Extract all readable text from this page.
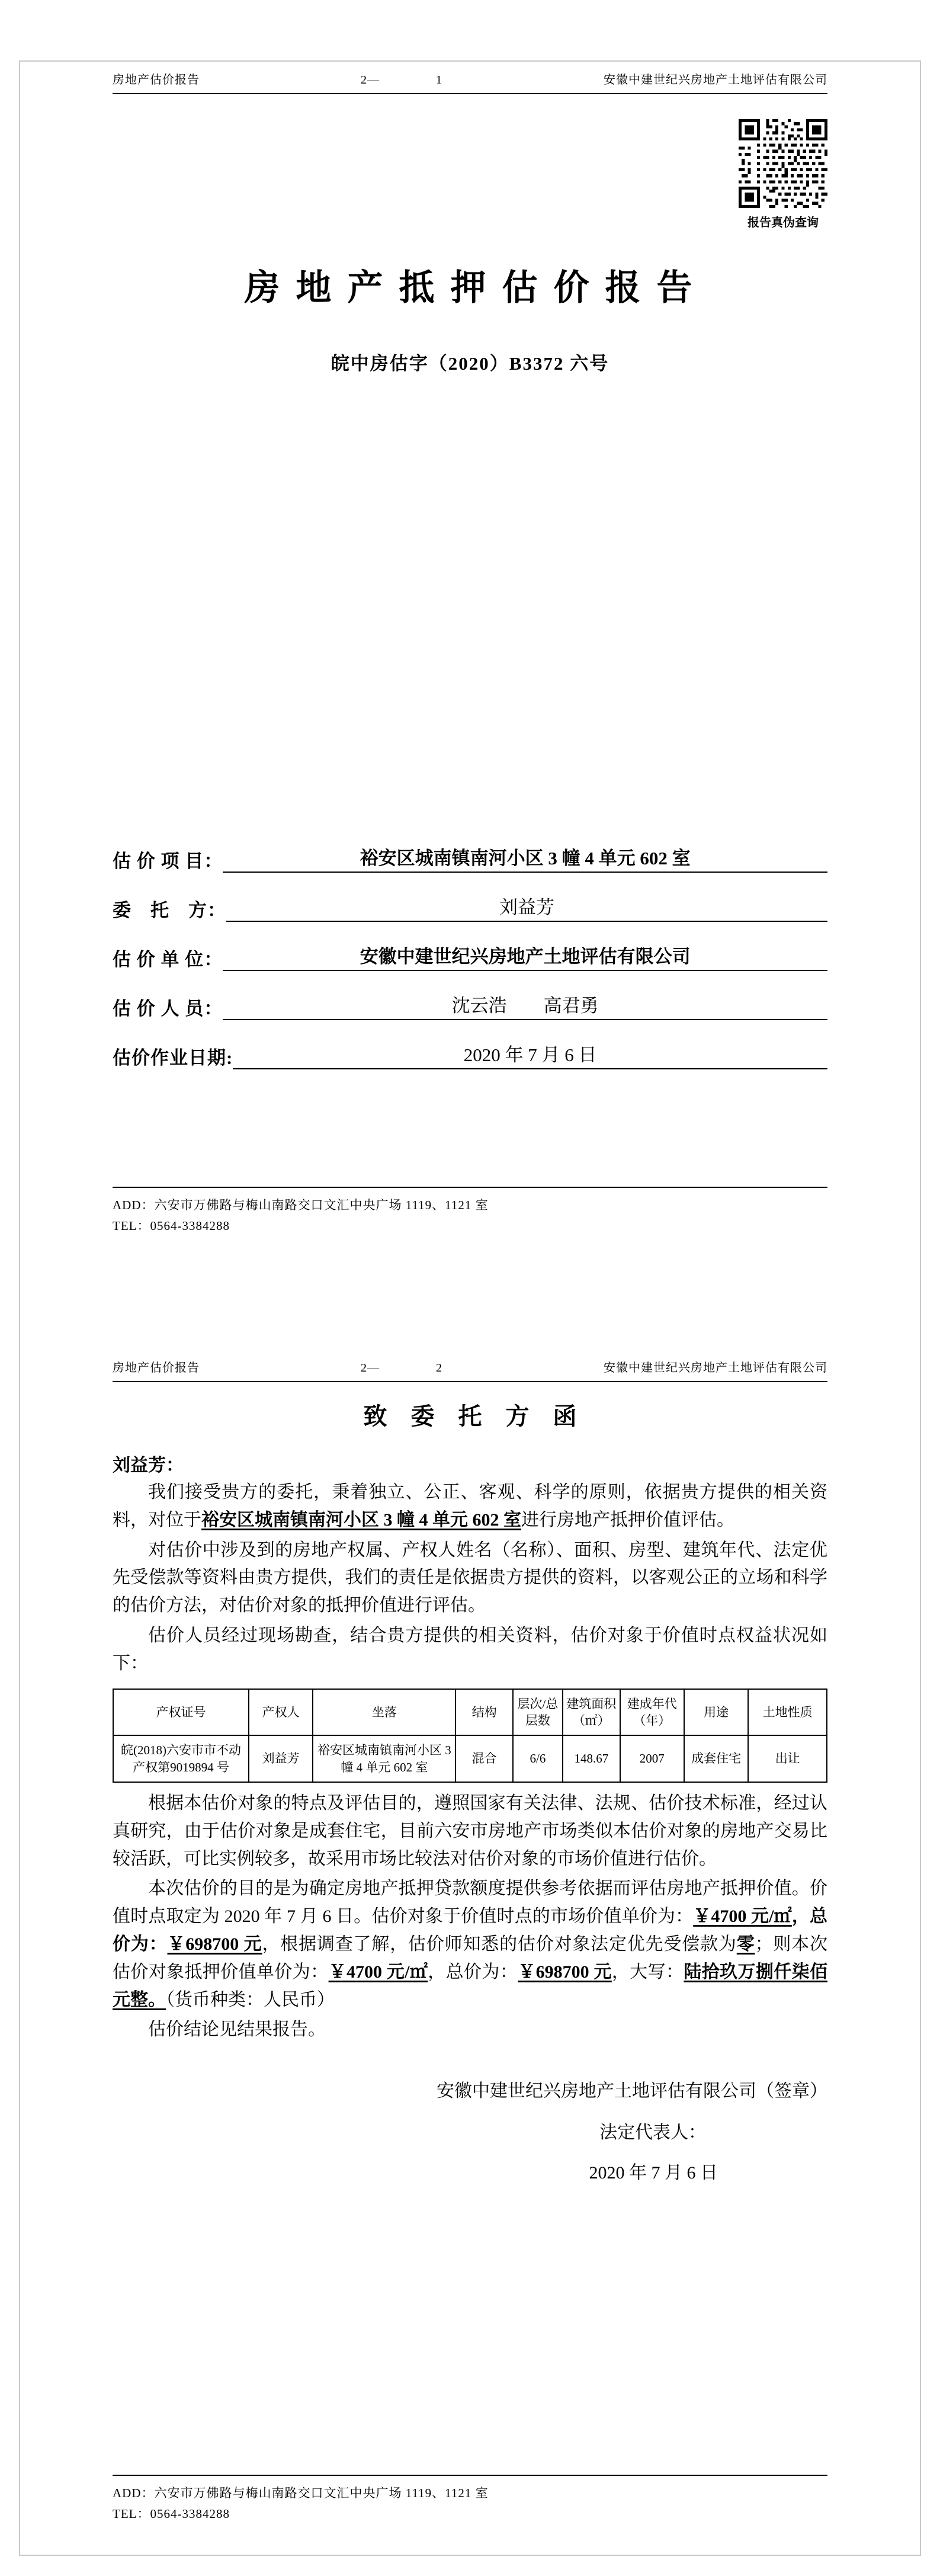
房地产估价报告	2—	1	安徽中建世纪兴房地产土地评估有限公司
报告真伪查询
房 地 产 抵 押 估 价 报 告
皖中房估字（2020）B3372 六号
估 价 项 目：	裕安区城南镇南河小区 3 幢 4 单元 602 室
委　托　方：	刘益芳
估 价 单 位：	安徽中建世纪兴房地产土地评估有限公司
估 价 人 员：	沈云浩　　高君勇
估价作业日期:	2020 年 7 月 6 日
ADD：六安市万佛路与梅山南路交口文汇中央广场 1119、1121 室
TEL：0564-3384288
房地产估价报告	2—	2	安徽中建世纪兴房地产土地评估有限公司
致　委　托　方　函
刘益芳：

我们接受贵方的委托，秉着独立、公正、客观、科学的原则，依据贵方提供的相关资料，对位于裕安区城南镇南河小区 3 幢 4 单元 602 室进行房地产抵押价值评估。

对估价中涉及到的房地产权属、产权人姓名（名称）、面积、房型、建筑年代、法定优先受偿款等资料由贵方提供，我们的责任是依据贵方提供的资料，以客观公正的立场和科学的估价方法，对估价对象的抵押价值进行评估。

估价人员经过现场勘查，结合贵方提供的相关资料，估价对象于价值时点权益状况如下：

产权证号	产权人	坐落	结构	层次/总层数	建筑面积（㎡）	建成年代（年）	用途	土地性质
皖(2018)六安市市不动产权第9019894 号	刘益芳	裕安区城南镇南河小区 3 幢 4 单元 602 室	混合	6/6	148.67	2007	成套住宅	出让

根据本估价对象的特点及评估目的，遵照国家有关法律、法规、估价技术标准，经过认真研究，由于估价对象是成套住宅，目前六安市房地产市场类似本估价对象的房地产交易比较活跃，可比实例较多，故采用市场比较法对估价对象的市场价值进行估价。

本次估价的目的是为确定房地产抵押贷款额度提供参考依据而评估房地产抵押价值。价值时点取定为 2020 年 7 月 6 日。估价对象于价值时点的市场价值单价为：￥4700 元/㎡，总价为：￥698700 元，根据调查了解，估价师知悉的估价对象法定优先受偿款为零；则本次估价对象抵押价值单价为：￥4700 元/㎡，总价为：￥698700 元，大写：陆拾玖万捌仟柒佰元整。（货币种类：人民币）

估价结论见结果报告。

安徽中建世纪兴房地产土地评估有限公司（签章）
法定代表人：
2020 年 7 月 6 日
ADD：六安市万佛路与梅山南路交口文汇中央广场 1119、1121 室
TEL：0564-3384288
